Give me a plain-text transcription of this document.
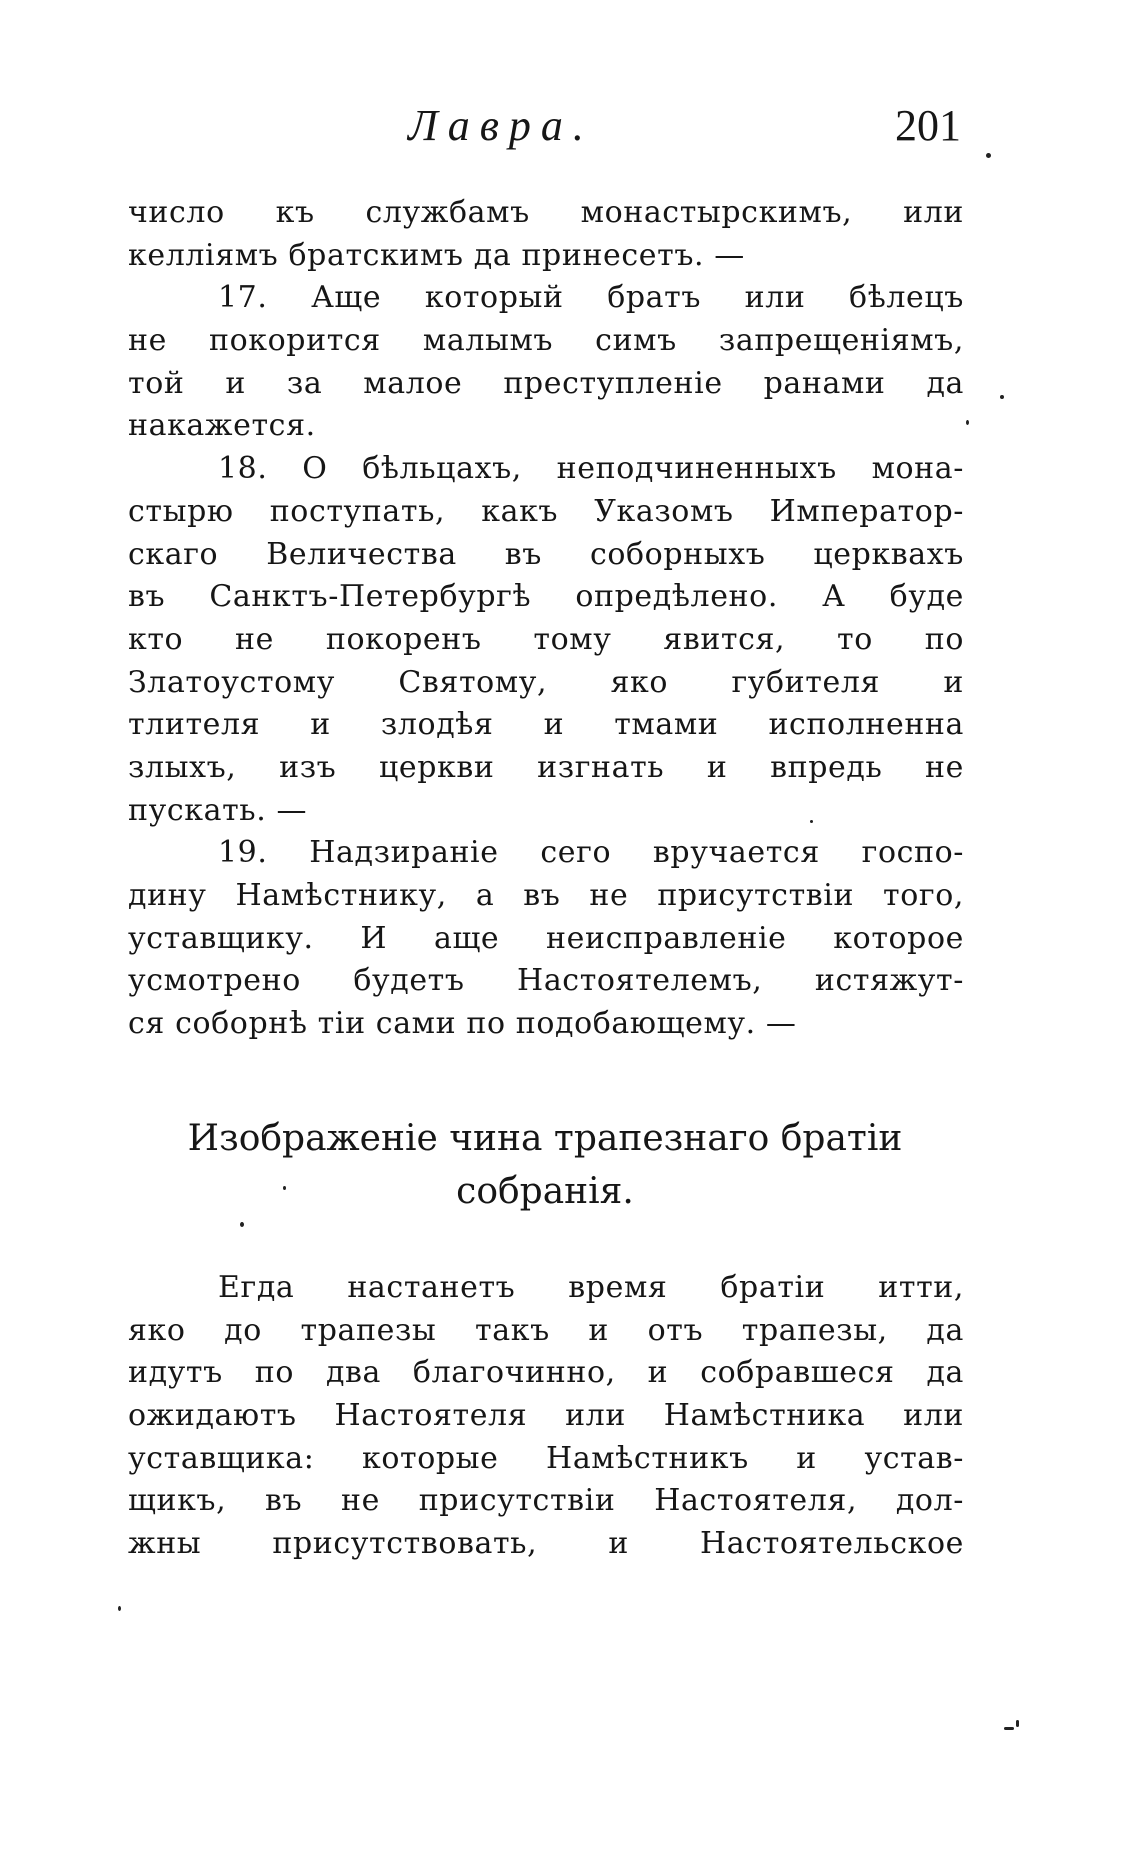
Лавра.	201
число къ службамъ монастырскимъ, или
келліямъ братскимъ да принесетъ. —
17. Аще который братъ или бѣлецъ
не покорится малымъ симъ запрещеніямъ,
той и за малое преступленіе ранами да
накажется.
18. О бѣльцахъ, неподчиненныхъ мона-
стырю поступать, какъ Указомъ Император-
скаго Величества въ соборныхъ церквахъ
въ Санктъ-Петербургѣ опредѣлено. А буде
кто не покоренъ тому явится, то по
Златоустому Святому, яко губителя и
тлителя и злодѣя и тмами исполненна
злыхъ, изъ церкви изгнать и впредь не
пускать. —
19. Надзираніе сего вручается госпо-
дину Намѣстнику, а въ не присутствіи того,
уставщику. И аще неисправленіе которое
усмотрено будетъ Настоятелемъ, истяжут-
ся соборнѣ тіи сами по подобающему. —
Изображеніе чина трапезнаго братіи
собранія.
Егда настанетъ время братіи итти,
яко до трапезы такъ и отъ трапезы, да
идутъ по два благочинно, и собравшеся да
ожидаютъ Настоятеля или Намѣстника или
уставщика: которые Намѣстникъ и устав-
щикъ, въ не присутствіи Настоятеля, дол-
жны присутствовать, и Настоятельское
